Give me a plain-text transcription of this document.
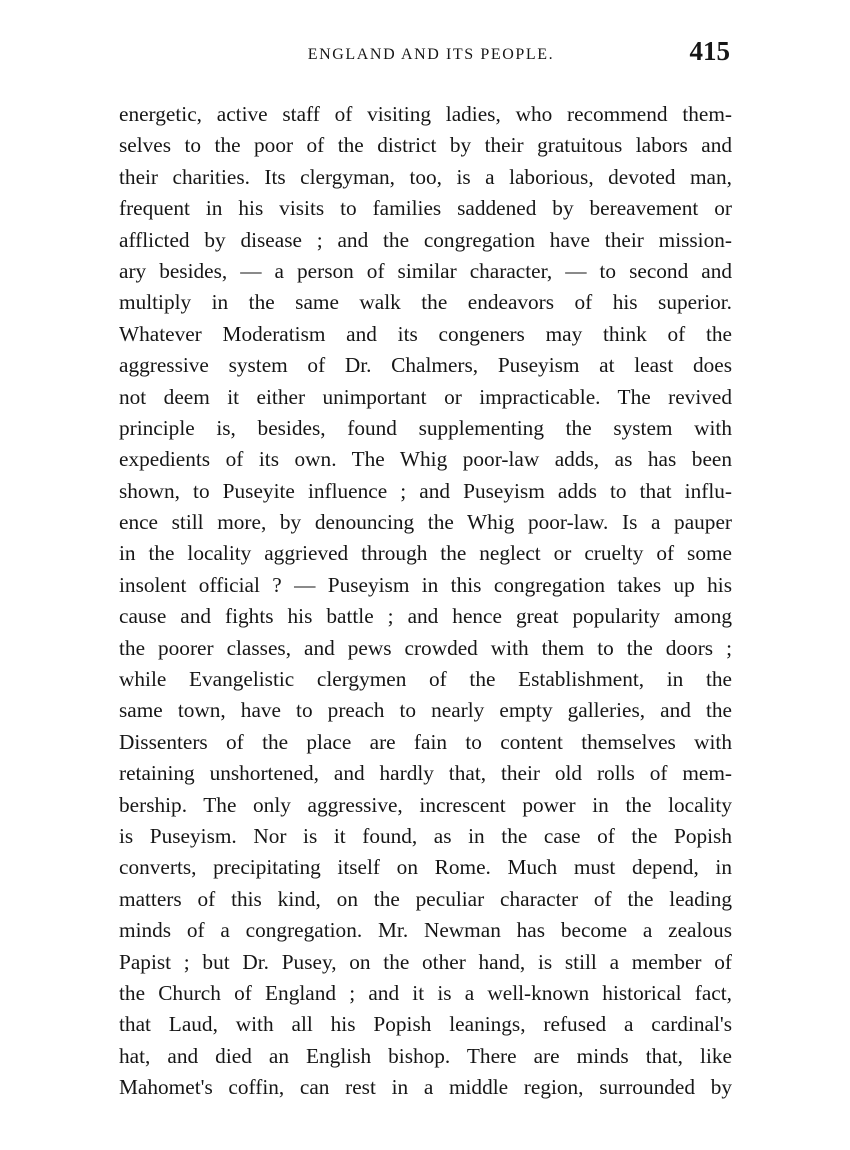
ENGLAND AND ITS PEOPLE.	415
energetic, active staff of visiting ladies, who recommend them-
selves to the poor of the district by their gratuitous labors and
their charities. Its clergyman, too, is a laborious, devoted man,
frequent in his visits to families saddened by bereavement or
afflicted by disease ; and the congregation have their mission-
ary besides, — a person of similar character, — to second and
multiply in the same walk the endeavors of his superior.
Whatever Moderatism and its congeners may think of the
aggressive system of Dr. Chalmers, Puseyism at least does
not deem it either unimportant or impracticable. The revived
principle is, besides, found supplementing the system with
expedients of its own. The Whig poor-law adds, as has been
shown, to Puseyite influence ; and Puseyism adds to that influ-
ence still more, by denouncing the Whig poor-law. Is a pauper
in the locality aggrieved through the neglect or cruelty of some
insolent official ? — Puseyism in this congregation takes up his
cause and fights his battle ; and hence great popularity among
the poorer classes, and pews crowded with them to the doors ;
while Evangelistic clergymen of the Establishment, in the
same town, have to preach to nearly empty galleries, and the
Dissenters of the place are fain to content themselves with
retaining unshortened, and hardly that, their old rolls of mem-
bership. The only aggressive, increscent power in the locality
is Puseyism. Nor is it found, as in the case of the Popish
converts, precipitating itself on Rome. Much must depend, in
matters of this kind, on the peculiar character of the leading
minds of a congregation. Mr. Newman has become a zealous
Papist ; but Dr. Pusey, on the other hand, is still a member of
the Church of England ; and it is a well-known historical fact,
that Laud, with all his Popish leanings, refused a cardinal's
hat, and died an English bishop. There are minds that, like
Mahomet's coffin, can rest in a middle region, surrounded by
